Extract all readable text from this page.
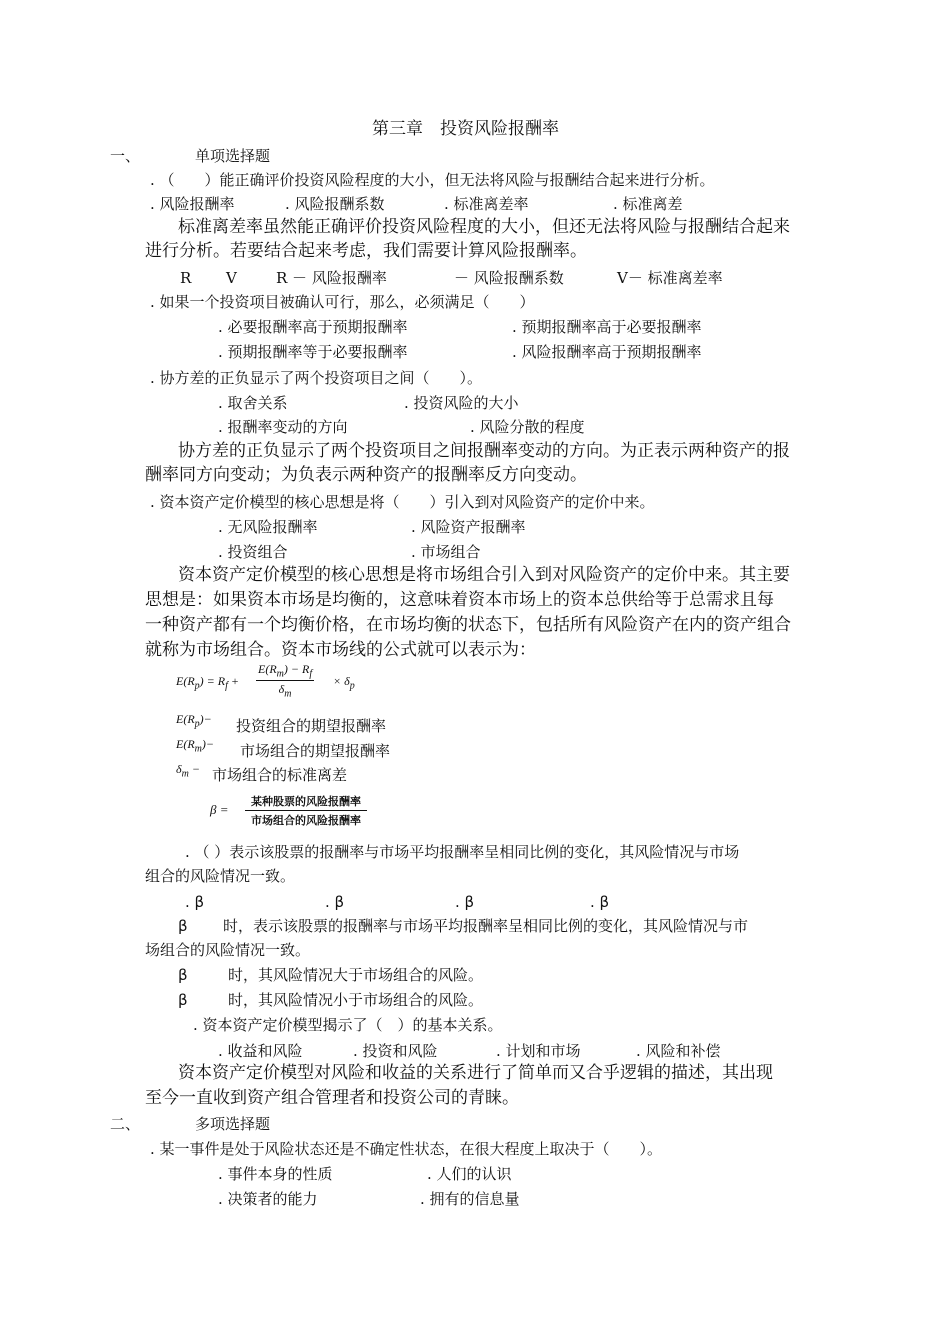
第三章　投资风险报酬率
一、	单项选择题
. （　　）能正确评价投资风险程度的大小，但无法将风险与报酬结合起来进行分析。
. 风险报酬率	. 风险报酬系数	. 标准离差率	. 标准离差
标准离差率虽然能正确评价投资风险程度的大小，但还无法将风险与报酬结合起来
进行分析。若要结合起来考虑，我们需要计算风险报酬率。
R V	R － 风险报酬率	－ 风险报酬系数	V－ 标准离差率
. 如果一个投资项目被确认可行，那么，必须满足（　　）
. 必要报酬率高于预期报酬率	. 预期报酬率高于必要报酬率
. 预期报酬率等于必要报酬率	. 风险报酬率高于预期报酬率
. 协方差的正负显示了两个投资项目之间（　　）。
. 取舍关系	. 投资风险的大小
. 报酬率变动的方向	. 风险分散的程度
协方差的正负显示了两个投资项目之间报酬率变动的方向。为正表示两种资产的报
酬率同方向变动；为负表示两种资产的报酬率反方向变动。
. 资本资产定价模型的核心思想是将（　　）引入到对风险资产的定价中来。
. 无风险报酬率	. 风险资产报酬率
. 投资组合	. 市场组合
资本资产定价模型的核心思想是将市场组合引入到对风险资产的定价中来。其主要
思想是：如果资本市场是均衡的，这意味着资本市场上的资本总供给等于总需求且每
一种资产都有一个均衡价格，在市场均衡的状态下，包括所有风险资产在内的资产组合
就称为市场组合。资本市场线的公式就可以表示为：
$E(R_p) = R_f + \frac{E(R_m) - R_f}{\delta_m} \times \delta_p$
$E(R_p)-$ 投资组合的期望报酬率
$E(R_m)-$ 市场组合的期望报酬率
$\delta_m$ − 市场组合的标准离差
β =
某种股票的风险报酬率
市场组合的风险报酬率
. （ ）表示该股票的报酬率与市场平均报酬率呈相同比例的变化，其风险情况与市场
组合的风险情况一致。
. β	. β	. β	. β
β 时，表示该股票的报酬率与市场平均报酬率呈相同比例的变化，其风险情况与市
场组合的风险情况一致。
β	时，其风险情况大于市场组合的风险。
β	时，其风险情况小于市场组合的风险。
. 资本资产定价模型揭示了（　）的基本关系。
. 收益和风险	. 投资和风险	. 计划和市场	. 风险和补偿
资本资产定价模型对风险和收益的关系进行了简单而又合乎逻辑的描述，其出现
至今一直收到资产组合管理者和投资公司的青睐。
二、	多项选择题
. 某一事件是处于风险状态还是不确定性状态，在很大程度上取决于（　　）。
. 事件本身的性质	. 人们的认识
. 决策者的能力	. 拥有的信息量
